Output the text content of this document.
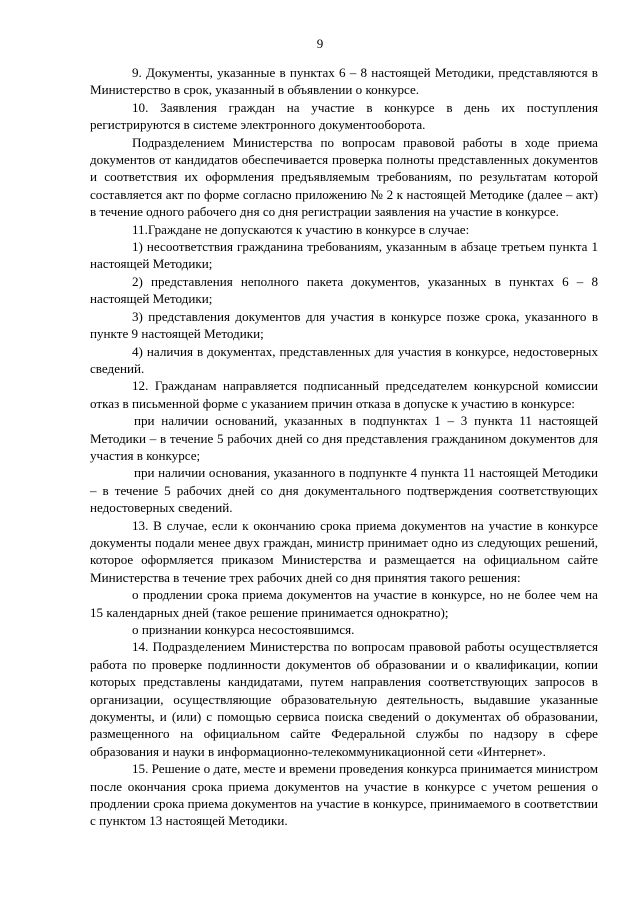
9

9. Документы, указанные в пунктах 6 – 8 настоящей Методики, представляются в Министерство в срок, указанный в объявлении о конкурсе.

10. Заявления граждан на участие в конкурсе в день их поступления регистрируются в системе электронного документооборота.

Подразделением Министерства по вопросам правовой работы в ходе приема документов от кандидатов обеспечивается проверка полноты представленных документов и соответствия их оформления предъявляемым требованиям, по результатам которой составляется акт по форме согласно приложению № 2 к настоящей Методике (далее – акт) в течение одного рабочего дня со дня регистрации заявления на участие в конкурсе.

11.Граждане не допускаются к участию в конкурсе в случае:

1) несоответствия гражданина требованиям, указанным в абзаце третьем пункта 1 настоящей Методики;

2) представления неполного пакета документов, указанных в пунктах 6 – 8 настоящей Методики;

3) представления документов для участия в конкурсе позже срока, указанного в пункте 9 настоящей Методики;

4) наличия в документах, представленных для участия в конкурсе, недостоверных сведений.

12. Гражданам направляется подписанный председателем конкурсной комиссии отказ в письменной форме с указанием причин отказа в допуске к участию в конкурсе:

при наличии оснований, указанных в подпунктах 1 – 3 пункта 11 настоящей Методики – в течение 5 рабочих дней со дня представления гражданином документов для участия в конкурсе;

при наличии основания, указанного в подпункте 4 пункта 11 настоящей Методики – в течение 5 рабочих дней со дня документального подтверждения соответствующих недостоверных сведений.

13. В случае, если к окончанию срока приема документов на участие в конкурсе документы подали менее двух граждан, министр принимает одно из следующих решений, которое оформляется приказом Министерства и размещается на официальном сайте Министерства в течение трех рабочих дней со дня принятия такого решения:

о продлении срока приема документов на участие в конкурсе, но не более чем на 15 календарных дней (такое решение принимается однократно);

о признании конкурса несостоявшимся.

14. Подразделением Министерства по вопросам правовой работы осуществляется работа по проверке подлинности документов об образовании и о квалификации, копии которых представлены кандидатами, путем направления соответствующих запросов в организации, осуществляющие образовательную деятельность, выдавшие указанные документы, и (или) с помощью сервиса поиска сведений о документах об образовании, размещенного на официальном сайте Федеральной службы по надзору в сфере образования и науки в информационно-телекоммуникационной сети «Интернет».

15. Решение о дате, месте и времени проведения конкурса принимается министром после окончания срока приема документов на участие в конкурсе с учетом решения о продлении срока приема документов на участие в конкурсе, принимаемого в соответствии с пунктом 13 настоящей Методики.
